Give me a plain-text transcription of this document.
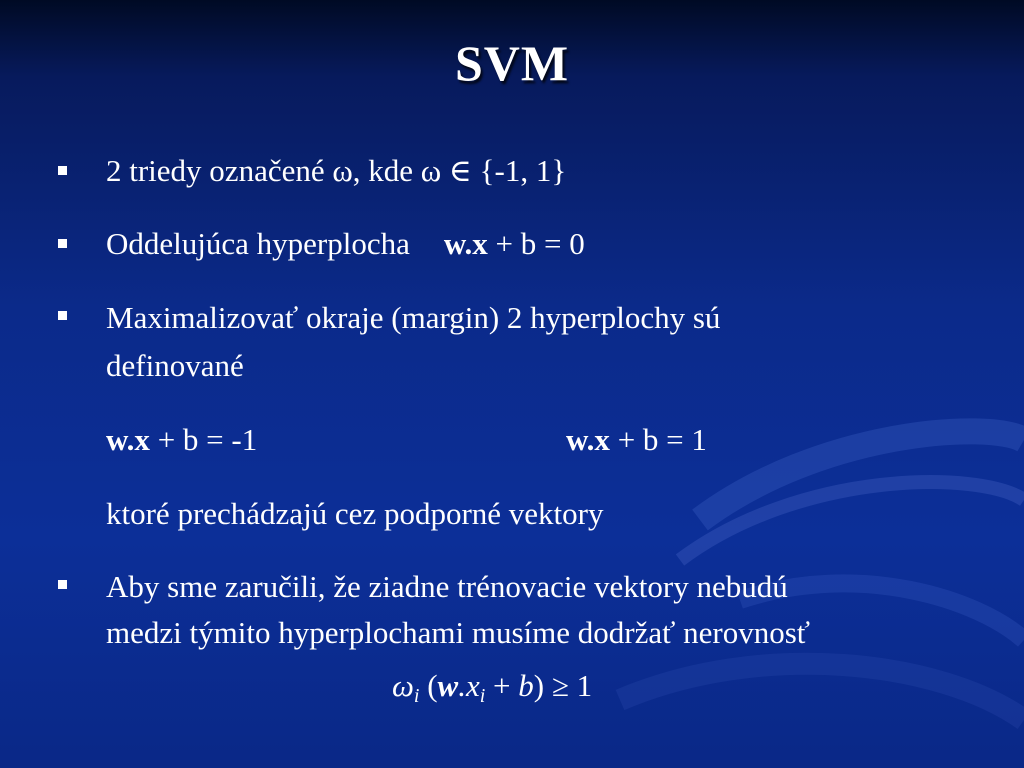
SVM
2 triedy označené ω, kde ω ∈ {-1, 1}
Oddelujúca hyperplocha w.x + b = 0
Maximalizovať okraje (margin) 2 hyperplochy sú
definované
w.x + b = -1	w.x + b = 1
ktoré prechádzajú cez podporné vektory
Aby sme zaručili, že ziadne trénovacie vektory nebudú
medzi týmito hyperplochami musíme dodržať nerovnosť
$\omega_i$ $(w.x_i + b) \ge 1$
